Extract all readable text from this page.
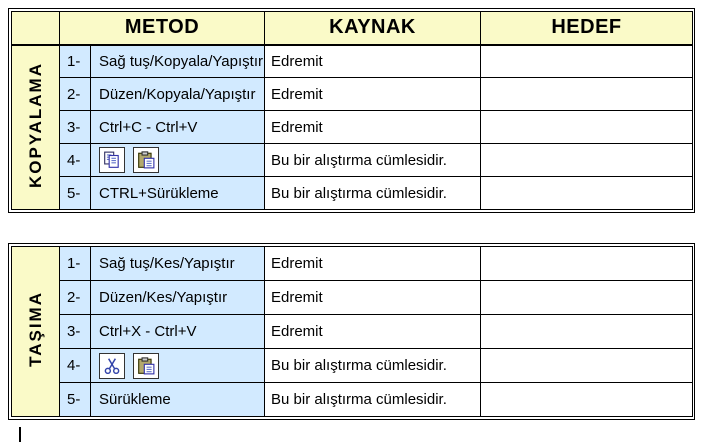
	METOD		KAYNAK	HEDEF
KOPYALAMA	1-	Sağ tuş/Kopyala/Yapıştır	Edremit	
	2-	Düzen/Kopyala/Yapıştır	Edremit	
	3-	Ctrl+C - Ctrl+V	Edremit	
	4-		Bu bir alıştırma cümlesidir.	
	5-	CTRL+Sürükleme	Bu bir alıştırma cümlesidir.	
TAŞIMA	1-	Sağ tuş/Kes/Yapıştır	Edremit	
	2-	Düzen/Kes/Yapıştır	Edremit	
	3-	Ctrl+X - Ctrl+V	Edremit	
	4-		Bu bir alıştırma cümlesidir.	
	5-	Sürükleme	Bu bir alıştırma cümlesidir.	
